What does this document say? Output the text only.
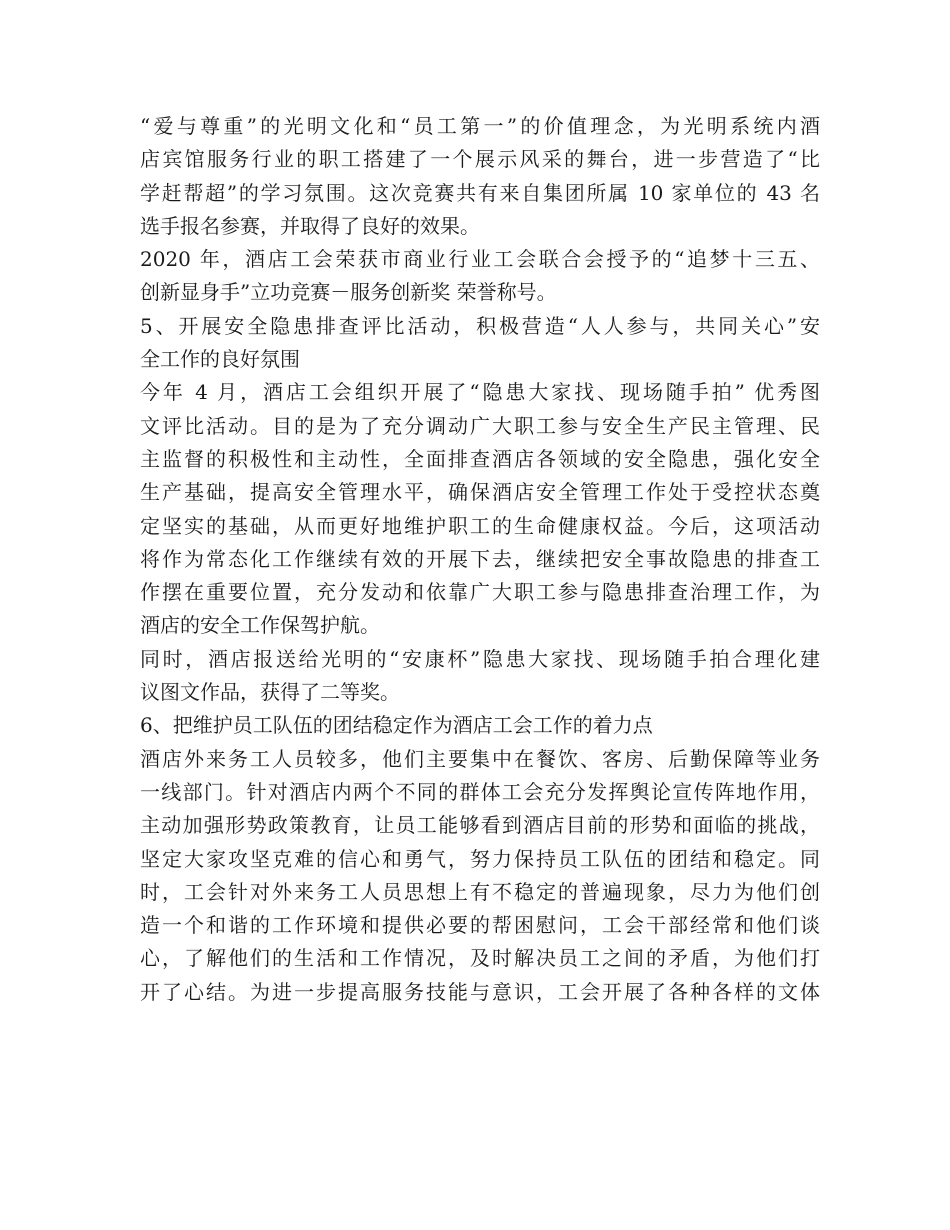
“爱与尊重”的光明文化和“员工第一”的价值理念，为光明系统内酒
店宾馆服务行业的职工搭建了一个展示风采的舞台，进一步营造了“比
学赶帮超”的学习氛围。这次竞赛共有来自集团所属 10 家单位的 43 名
选手报名参赛，并取得了良好的效果。

2020 年，酒店工会荣获市商业行业工会联合会授予的“追梦十三五、
创新显身手”立功竞赛－服务创新奖 荣誉称号。

5、开展安全隐患排查评比活动，积极营造“人人参与，共同关心”安
全工作的良好氛围

今年 4 月，酒店工会组织开展了“隐患大家找、现场随手拍” 优秀图
文评比活动。目的是为了充分调动广大职工参与安全生产民主管理、民
主监督的积极性和主动性，全面排查酒店各领域的安全隐患，强化安全
生产基础，提高安全管理水平，确保酒店安全管理工作处于受控状态奠
定坚实的基础，从而更好地维护职工的生命健康权益。今后，这项活动
将作为常态化工作继续有效的开展下去，继续把安全事故隐患的排查工
作摆在重要位置，充分发动和依靠广大职工参与隐患排查治理工作，为
酒店的安全工作保驾护航。

同时，酒店报送给光明的“安康杯”隐患大家找、现场随手拍合理化建
议图文作品，获得了二等奖。

6、把维护员工队伍的团结稳定作为酒店工会工作的着力点

酒店外来务工人员较多，他们主要集中在餐饮、客房、后勤保障等业务
一线部门。针对酒店内两个不同的群体工会充分发挥舆论宣传阵地作用，
主动加强形势政策教育，让员工能够看到酒店目前的形势和面临的挑战，
坚定大家攻坚克难的信心和勇气，努力保持员工队伍的团结和稳定。同
时，工会针对外来务工人员思想上有不稳定的普遍现象，尽力为他们创
造一个和谐的工作环境和提供必要的帮困慰问，工会干部经常和他们谈
心，了解他们的生活和工作情况，及时解决员工之间的矛盾，为他们打
开了心结。为进一步提高服务技能与意识，工会开展了各种各样的文体
